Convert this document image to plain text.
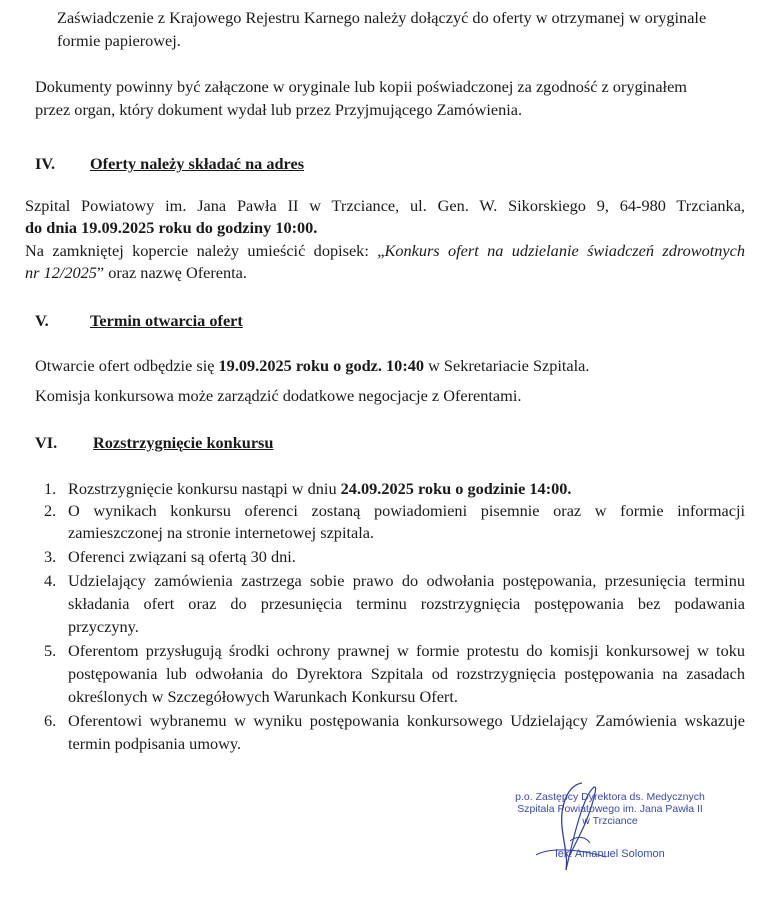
Zaświadczenie z Krajowego Rejestru Karnego należy dołączyć do oferty w otrzymanej w oryginale
formie papierowej.
Dokumenty powinny być załączone w oryginale lub kopii poświadczonej za zgodność z oryginałem
przez organ, który dokument wydał lub przez Przyjmującego Zamówienia.
IV. Oferty należy składać na adres
Szpital Powiatowy im. Jana Pawła II w Trzciance, ul. Gen. W. Sikorskiego 9, 64-980 Trzcianka,
do dnia 19.09.2025 roku do godziny 10:00.
Na zamkniętej kopercie należy umieścić dopisek: „Konkurs ofert na udzielanie świadczeń zdrowotnych
nr 12/2025” oraz nazwę Oferenta.
V.	Termin otwarcia ofert
Otwarcie ofert odbędzie się 19.09.2025 roku o godz. 10:40 w Sekretariacie Szpitala.
Komisja konkursowa może zarządzić dodatkowe negocjacje z Oferentami.
VI. Rozstrzygnięcie konkursu
1. Rozstrzygnięcie konkursu nastąpi w dniu 24.09.2025 roku o godzinie 14:00.
2. O wynikach konkursu oferenci zostaną powiadomieni pisemnie oraz w formie informacji
zamieszczonej na stronie internetowej szpitala.
3. Oferenci związani są ofertą 30 dni.
4. Udzielający zamówienia zastrzega sobie prawo do odwołania postępowania, przesunięcia terminu
składania ofert oraz do przesunięcia terminu rozstrzygnięcia postępowania bez podawania
przyczyny.
5. Oferentom przysługują środki ochrony prawnej w formie protestu do komisji konkursowej w toku
postępowania lub odwołania do Dyrektora Szpitala od rozstrzygnięcia postępowania na zasadach
określonych w Szczegółowych Warunkach Konkursu Ofert.
6. Oferentowi wybranemu w wyniku postępowania konkursowego Udzielający Zamówienia wskazuje
termin podpisania umowy.
p.o. Zastępcy Dyrektora ds. Medycznych
Szpitala Powiatowego im. Jana Pawła II
w Trzciance
lek. Amanuel Solomon
